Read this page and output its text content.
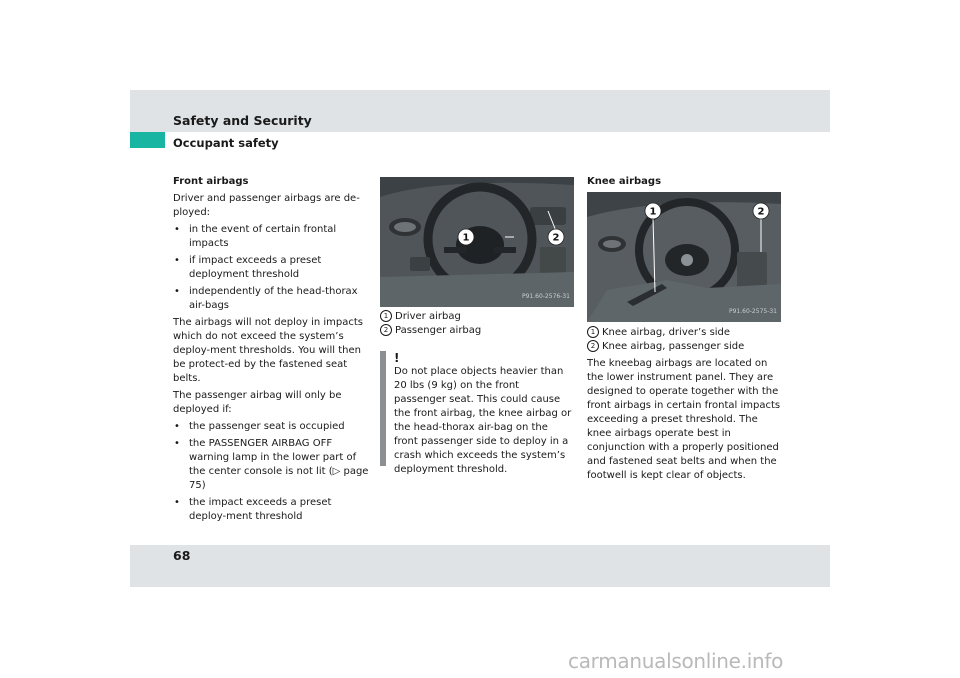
Safety and Security
Occupant safety

Front airbags

Driver and passenger airbags are de-ployed:

• in the event of certain frontal impacts
• if impact exceeds a preset deployment threshold
• independently of the head-thorax air-bags

The airbags will not deploy in impacts which do not exceed the system’s deploy-ment thresholds. You will then be protect-ed by the fastened seat belts.

The passenger airbag will only be deployed if:

• the passenger seat is occupied
• the PASSENGER AIRBAG OFF warning lamp in the lower part of the center console is not lit (▷ page 75)
• the impact exceeds a preset deploy-ment threshold
1	2
P91.60-2576-31

1 Driver airbag

2 Passenger airbag

!
Do not place objects heavier than 20 lbs (9 kg) on the front passenger seat. This could cause the front airbag, the knee airbag or the head-thorax air-bag on the front passenger side to deploy in a crash which exceeds the system’s deployment threshold.

Knee airbags

1	2
P91.60-2575-31

1 Knee airbag, driver’s side

2 Knee airbag, passenger side

The kneebag airbags are located on the lower instrument panel. They are designed to operate together with the front airbags in certain frontal impacts exceeding a preset threshold. The knee airbags operate best in conjunction with a properly positioned and fastened seat belts and when the footwell is kept clear of objects.

68
carmanualsonline.info
